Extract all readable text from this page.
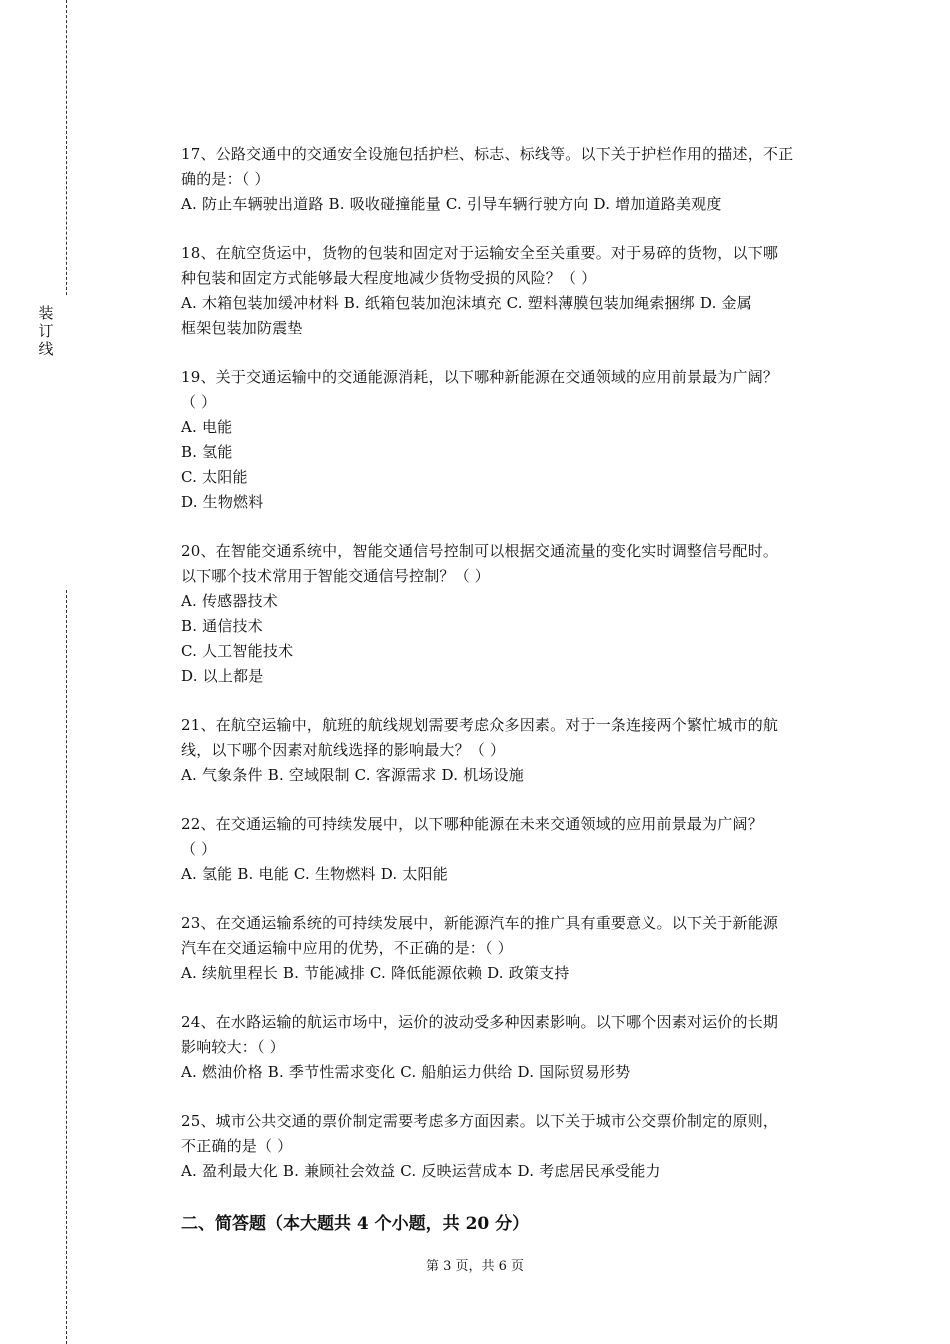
装
订
线
17、公路交通中的交通安全设施包括护栏、标志、标线等。以下关于护栏作用的描述，不正
确的是：（ ）
A. 防止车辆驶出道路 B. 吸收碰撞能量 C. 引导车辆行驶方向 D. 增加道路美观度
18、在航空货运中，货物的包装和固定对于运输安全至关重要。对于易碎的货物，以下哪
种包装和固定方式能够最大程度地减少货物受损的风险？（ ）
A. 木箱包装加缓冲材料 B. 纸箱包装加泡沫填充 C. 塑料薄膜包装加绳索捆绑 D. 金属
框架包装加防震垫
19、关于交通运输中的交通能源消耗，以下哪种新能源在交通领域的应用前景最为广阔？
（ ）
A. 电能
B. 氢能
C. 太阳能
D. 生物燃料
20、在智能交通系统中，智能交通信号控制可以根据交通流量的变化实时调整信号配时。
以下哪个技术常用于智能交通信号控制？（ ）
A. 传感器技术
B. 通信技术
C. 人工智能技术
D. 以上都是
21、在航空运输中，航班的航线规划需要考虑众多因素。对于一条连接两个繁忙城市的航
线，以下哪个因素对航线选择的影响最大？（ ）
A. 气象条件 B. 空域限制 C. 客源需求 D. 机场设施
22、在交通运输的可持续发展中，以下哪种能源在未来交通领域的应用前景最为广阔？
（ ）
A. 氢能 B. 电能 C. 生物燃料 D. 太阳能
23、在交通运输系统的可持续发展中，新能源汽车的推广具有重要意义。以下关于新能源
汽车在交通运输中应用的优势，不正确的是：（ ）
A. 续航里程长 B. 节能减排 C. 降低能源依赖 D. 政策支持
24、在水路运输的航运市场中，运价的波动受多种因素影响。以下哪个因素对运价的长期
影响较大：（ ）
A. 燃油价格 B. 季节性需求变化 C. 船舶运力供给 D. 国际贸易形势
25、城市公共交通的票价制定需要考虑多方面因素。以下关于城市公交票价制定的原则，
不正确的是（ ）
A. 盈利最大化 B. 兼顾社会效益 C. 反映运营成本 D. 考虑居民承受能力
二、简答题（本大题共 4 个小题，共 20 分）
第 3 页，共 6 页
